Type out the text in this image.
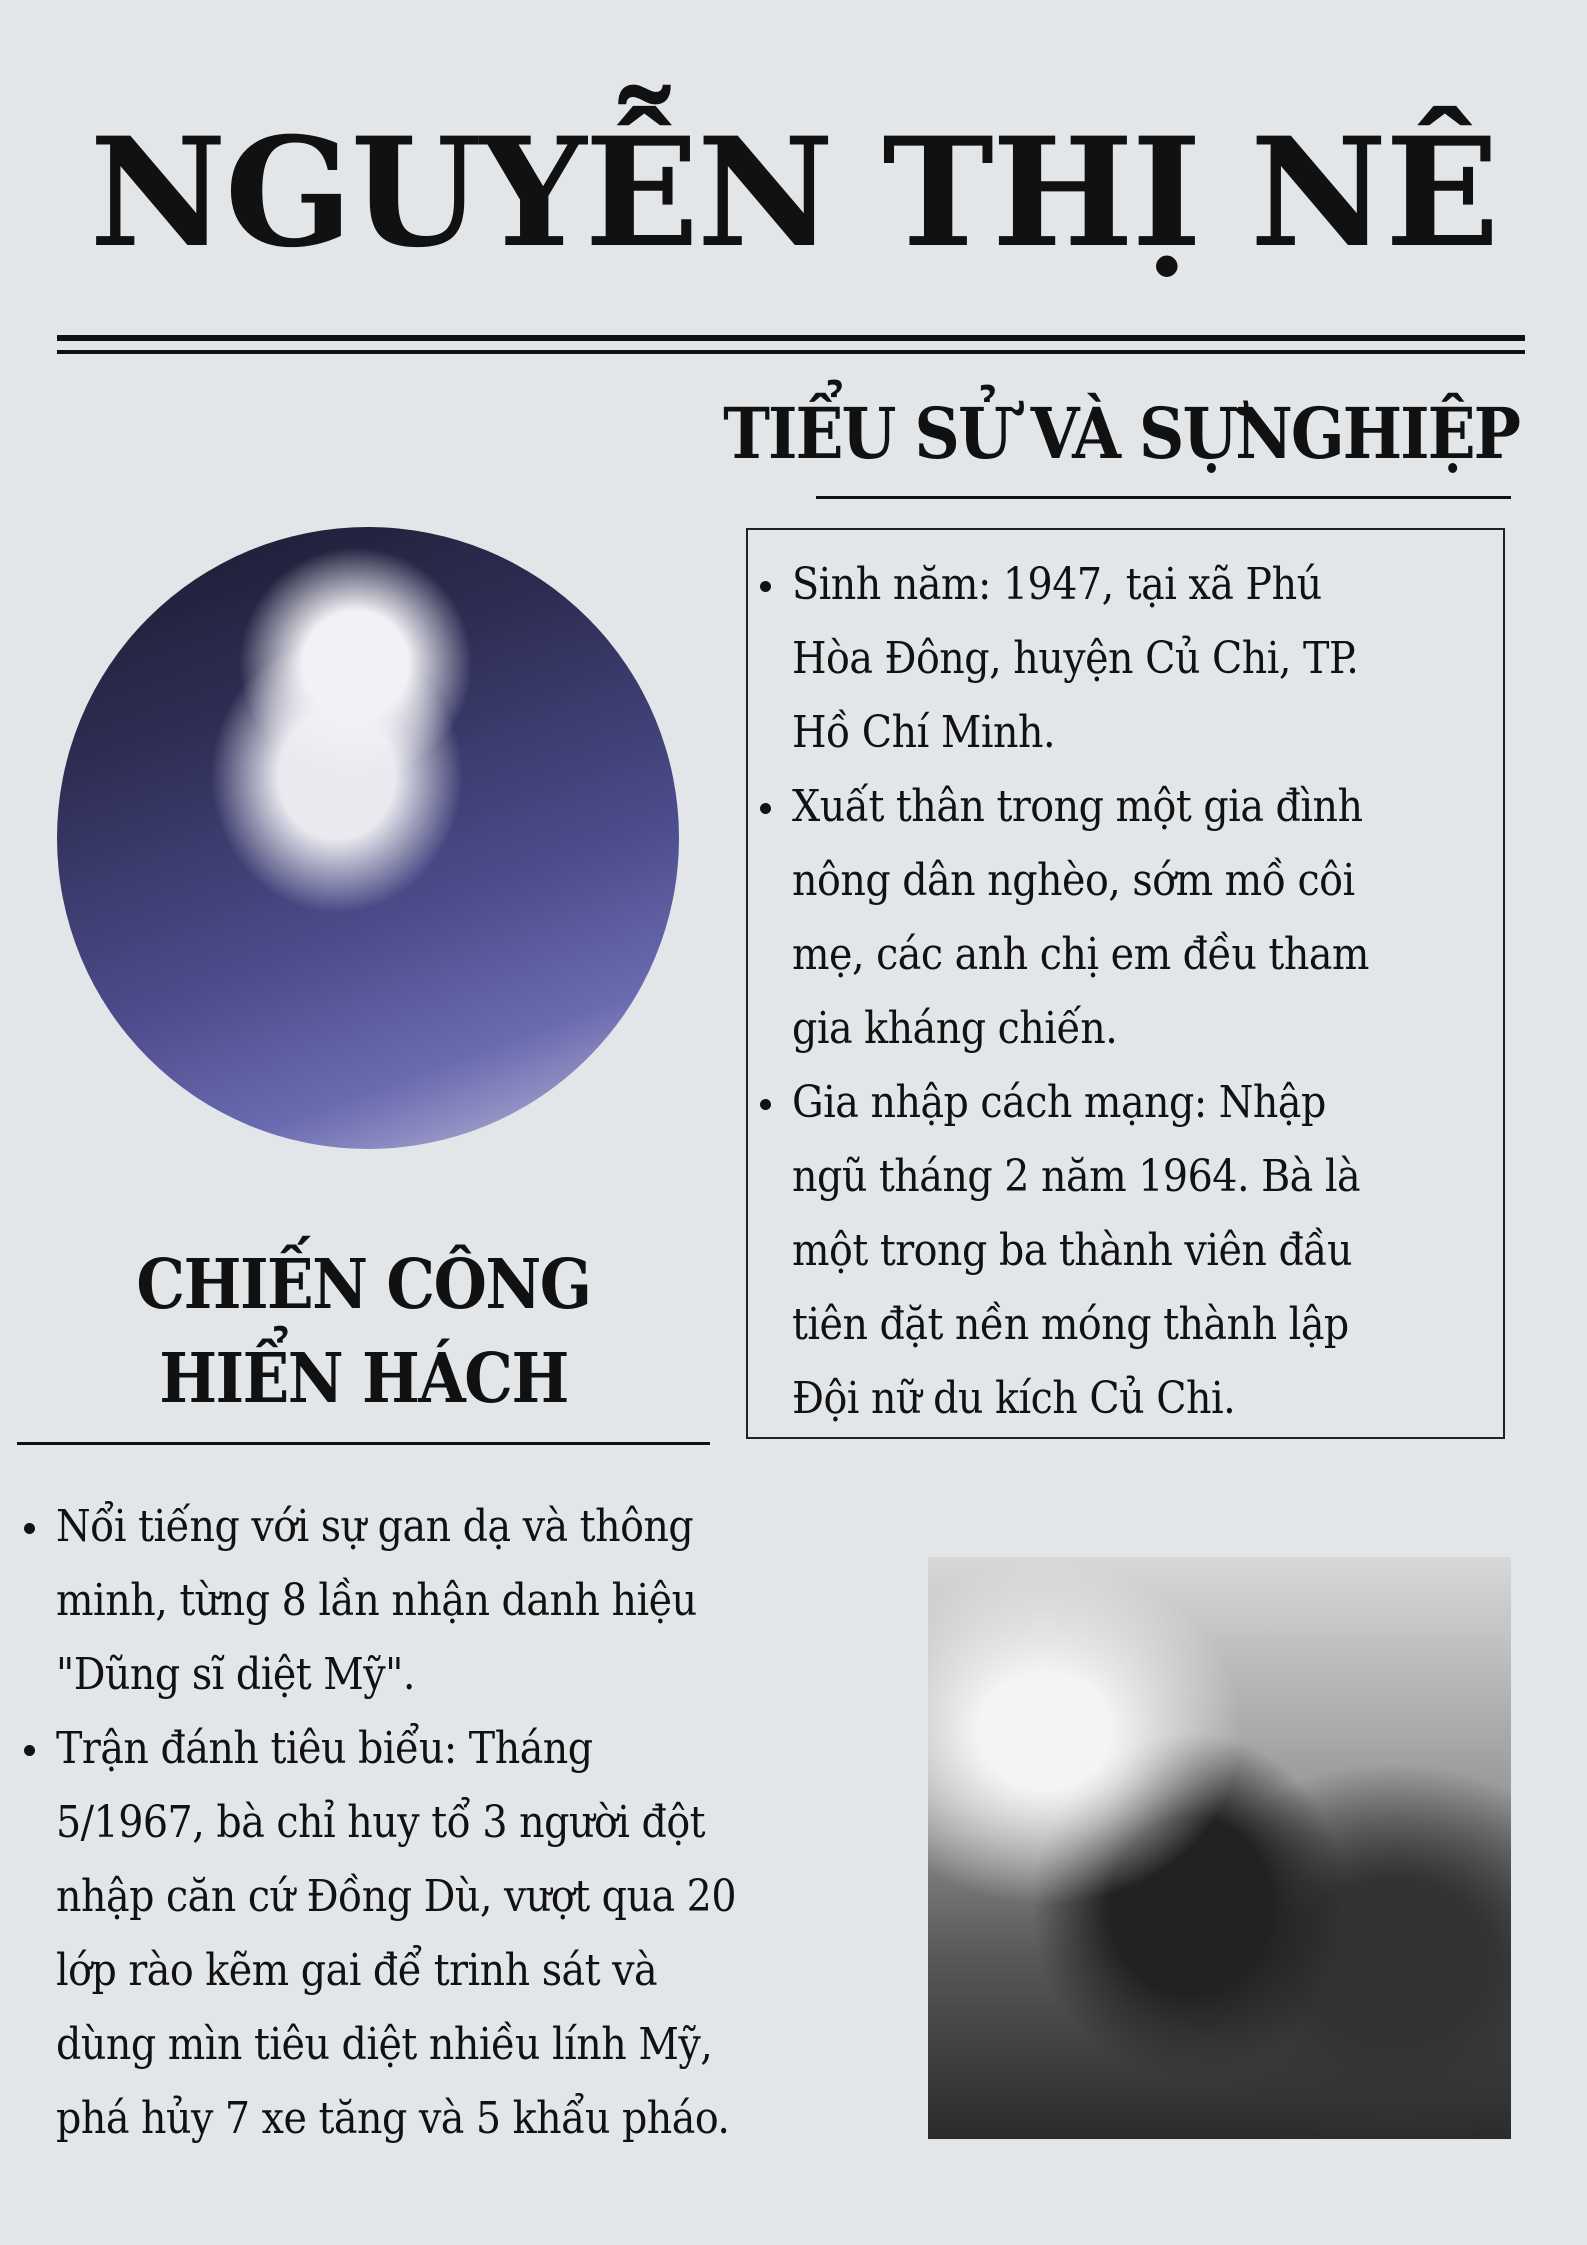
NGUYỄN THỊ NÊ
TIỂU SỬ VÀ SỰNGHIỆP
Sinh năm: 1947, tại xã Phú
Hòa Đông, huyện Củ Chi, TP.
Hồ Chí Minh.
Xuất thân trong một gia đình
nông dân nghèo, sớm mồ côi
mẹ, các anh chị em đều tham
gia kháng chiến.
Gia nhập cách mạng: Nhập
ngũ tháng 2 năm 1964. Bà là
một trong ba thành viên đầu
tiên đặt nền móng thành lập
Đội nữ du kích Củ Chi.
CHIẾN CÔNG
HIỂN HÁCH
Nổi tiếng với sự gan dạ và thông
minh, từng 8 lần nhận danh hiệu
"Dũng sĩ diệt Mỹ".
Trận đánh tiêu biểu: Tháng
5/1967, bà chỉ huy tổ 3 người đột
nhập căn cứ Đồng Dù, vượt qua 20
lớp rào kẽm gai để trinh sát và
dùng mìn tiêu diệt nhiều lính Mỹ,
phá hủy 7 xe tăng và 5 khẩu pháo.
